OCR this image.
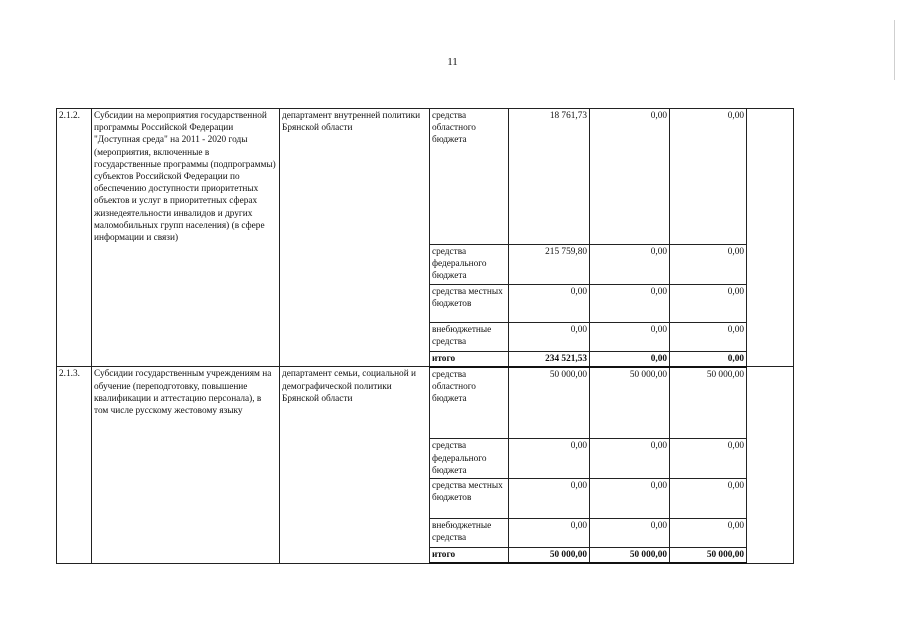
11
2.1.2.	Субсидии на мероприятия государственной программы Российской Федерации "Доступная среда" на 2011 - 2020 годы (мероприятия, включенные в государственные программы (подпрограммы) субъектов Российской Федерации по обеспечению доступности приоритетных объектов и услуг в приоритетных сферах жизнедеятельности инвалидов и других маломобильных групп населения) (в сфере информации и связи)	департамент внутренней политики Брянской области	средства областного бюджета	18 761,73	0,00	0,00	
			средства федерального бюджета	215 759,80	0,00	0,00	
			средства местных бюджетов	0,00	0,00	0,00	
			внебюджетные средства	0,00	0,00	0,00	
			итого	234 521,53	0,00	0,00	
2.1.3.	Субсидии государственным учреждениям на обучение (переподготовку, повышение квалификации и аттестацию персонала), в том числе русскому жестовому языку	департамент семьи, социальной и демографической политики Брянской области	средства областного бюджета	50 000,00	50 000,00	50 000,00	
			средства федерального бюджета	0,00	0,00	0,00	
			средства местных бюджетов	0,00	0,00	0,00	
			внебюджетные средства	0,00	0,00	0,00	
			итого	50 000,00	50 000,00	50 000,00	
